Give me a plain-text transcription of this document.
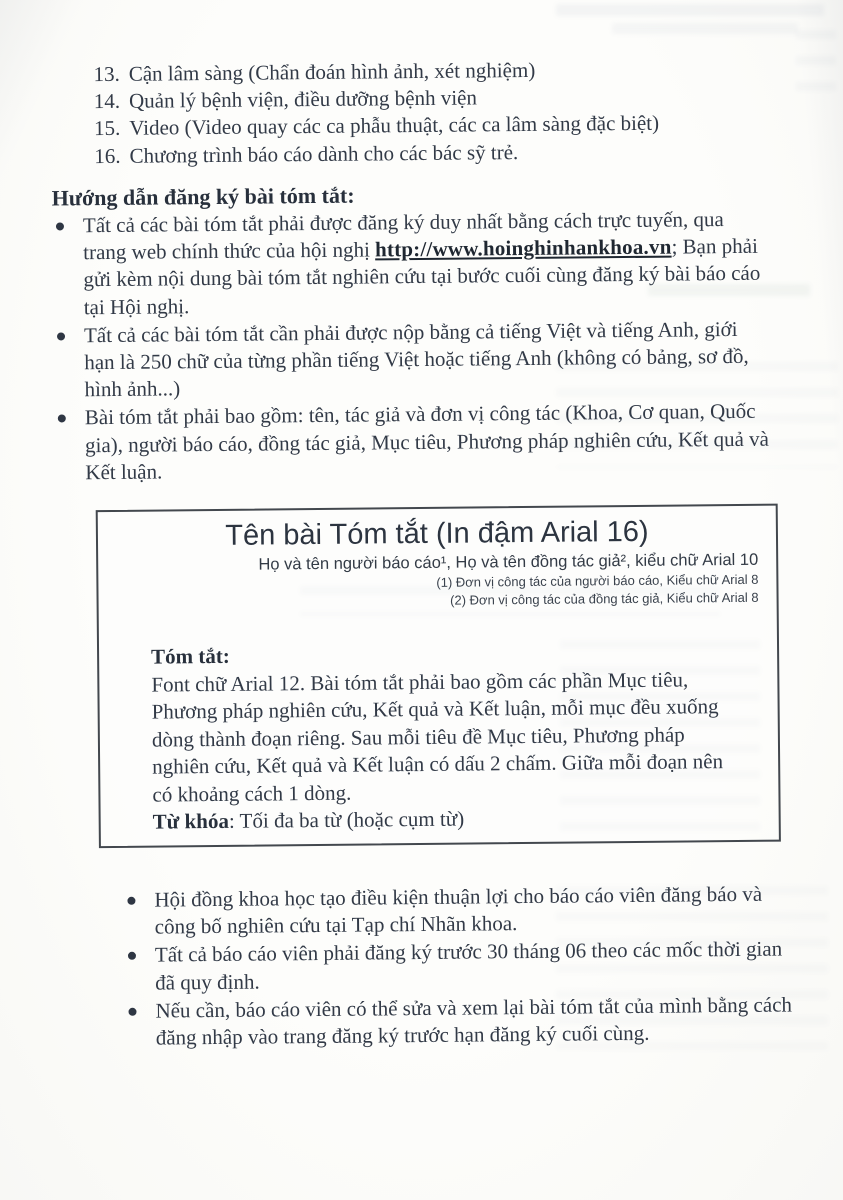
13. Cận lâm sàng (Chẩn đoán hình ảnh, xét nghiệm)
14. Quản lý bệnh viện, điều dưỡng bệnh viện
15. Video (Video quay các ca phẫu thuật, các ca lâm sàng đặc biệt)
16. Chương trình báo cáo dành cho các bác sỹ trẻ.
Hướng dẫn đăng ký bài tóm tắt:
Tất cả các bài tóm tắt phải được đăng ký duy nhất bằng cách trực tuyến, qua trang web chính thức của hội nghị http://www.hoinghinhankhoa.vn; Bạn phải gửi kèm nội dung bài tóm tắt nghiên cứu tại bước cuối cùng đăng ký bài báo cáo tại Hội nghị.
Tất cả các bài tóm tắt cần phải được nộp bằng cả tiếng Việt và tiếng Anh, giới hạn là 250 chữ của từng phần tiếng Việt hoặc tiếng Anh (không có bảng, sơ đồ, hình ảnh...)
Bài tóm tắt phải bao gồm: tên, tác giả và đơn vị công tác (Khoa, Cơ quan, Quốc gia), người báo cáo, đồng tác giả, Mục tiêu, Phương pháp nghiên cứu, Kết quả và Kết luận.
Tên bài Tóm tắt (In đậm Arial 16)
Họ và tên người báo cáo¹, Họ và tên đồng tác giả², kiểu chữ Arial 10
(1) Đơn vị công tác của người báo cáo, Kiểu chữ Arial 8
(2) Đơn vị công tác của đồng tác giả, Kiểu chữ Arial 8
Tóm tắt:
Font chữ Arial 12. Bài tóm tắt phải bao gồm các phần Mục tiêu, Phương pháp nghiên cứu, Kết quả và Kết luận, mỗi mục đều xuống dòng thành đoạn riêng. Sau mỗi tiêu đề Mục tiêu, Phương pháp nghiên cứu, Kết quả và Kết luận có dấu 2 chấm. Giữa mỗi đoạn nên có khoảng cách 1 dòng.
Từ khóa: Tối đa ba từ (hoặc cụm từ)
Hội đồng khoa học tạo điều kiện thuận lợi cho báo cáo viên đăng báo và công bố nghiên cứu tại Tạp chí Nhãn khoa.
Tất cả báo cáo viên phải đăng ký trước 30 tháng 06 theo các mốc thời gian đã quy định.
Nếu cần, báo cáo viên có thể sửa và xem lại bài tóm tắt của mình bằng cách đăng nhập vào trang đăng ký trước hạn đăng ký cuối cùng.
